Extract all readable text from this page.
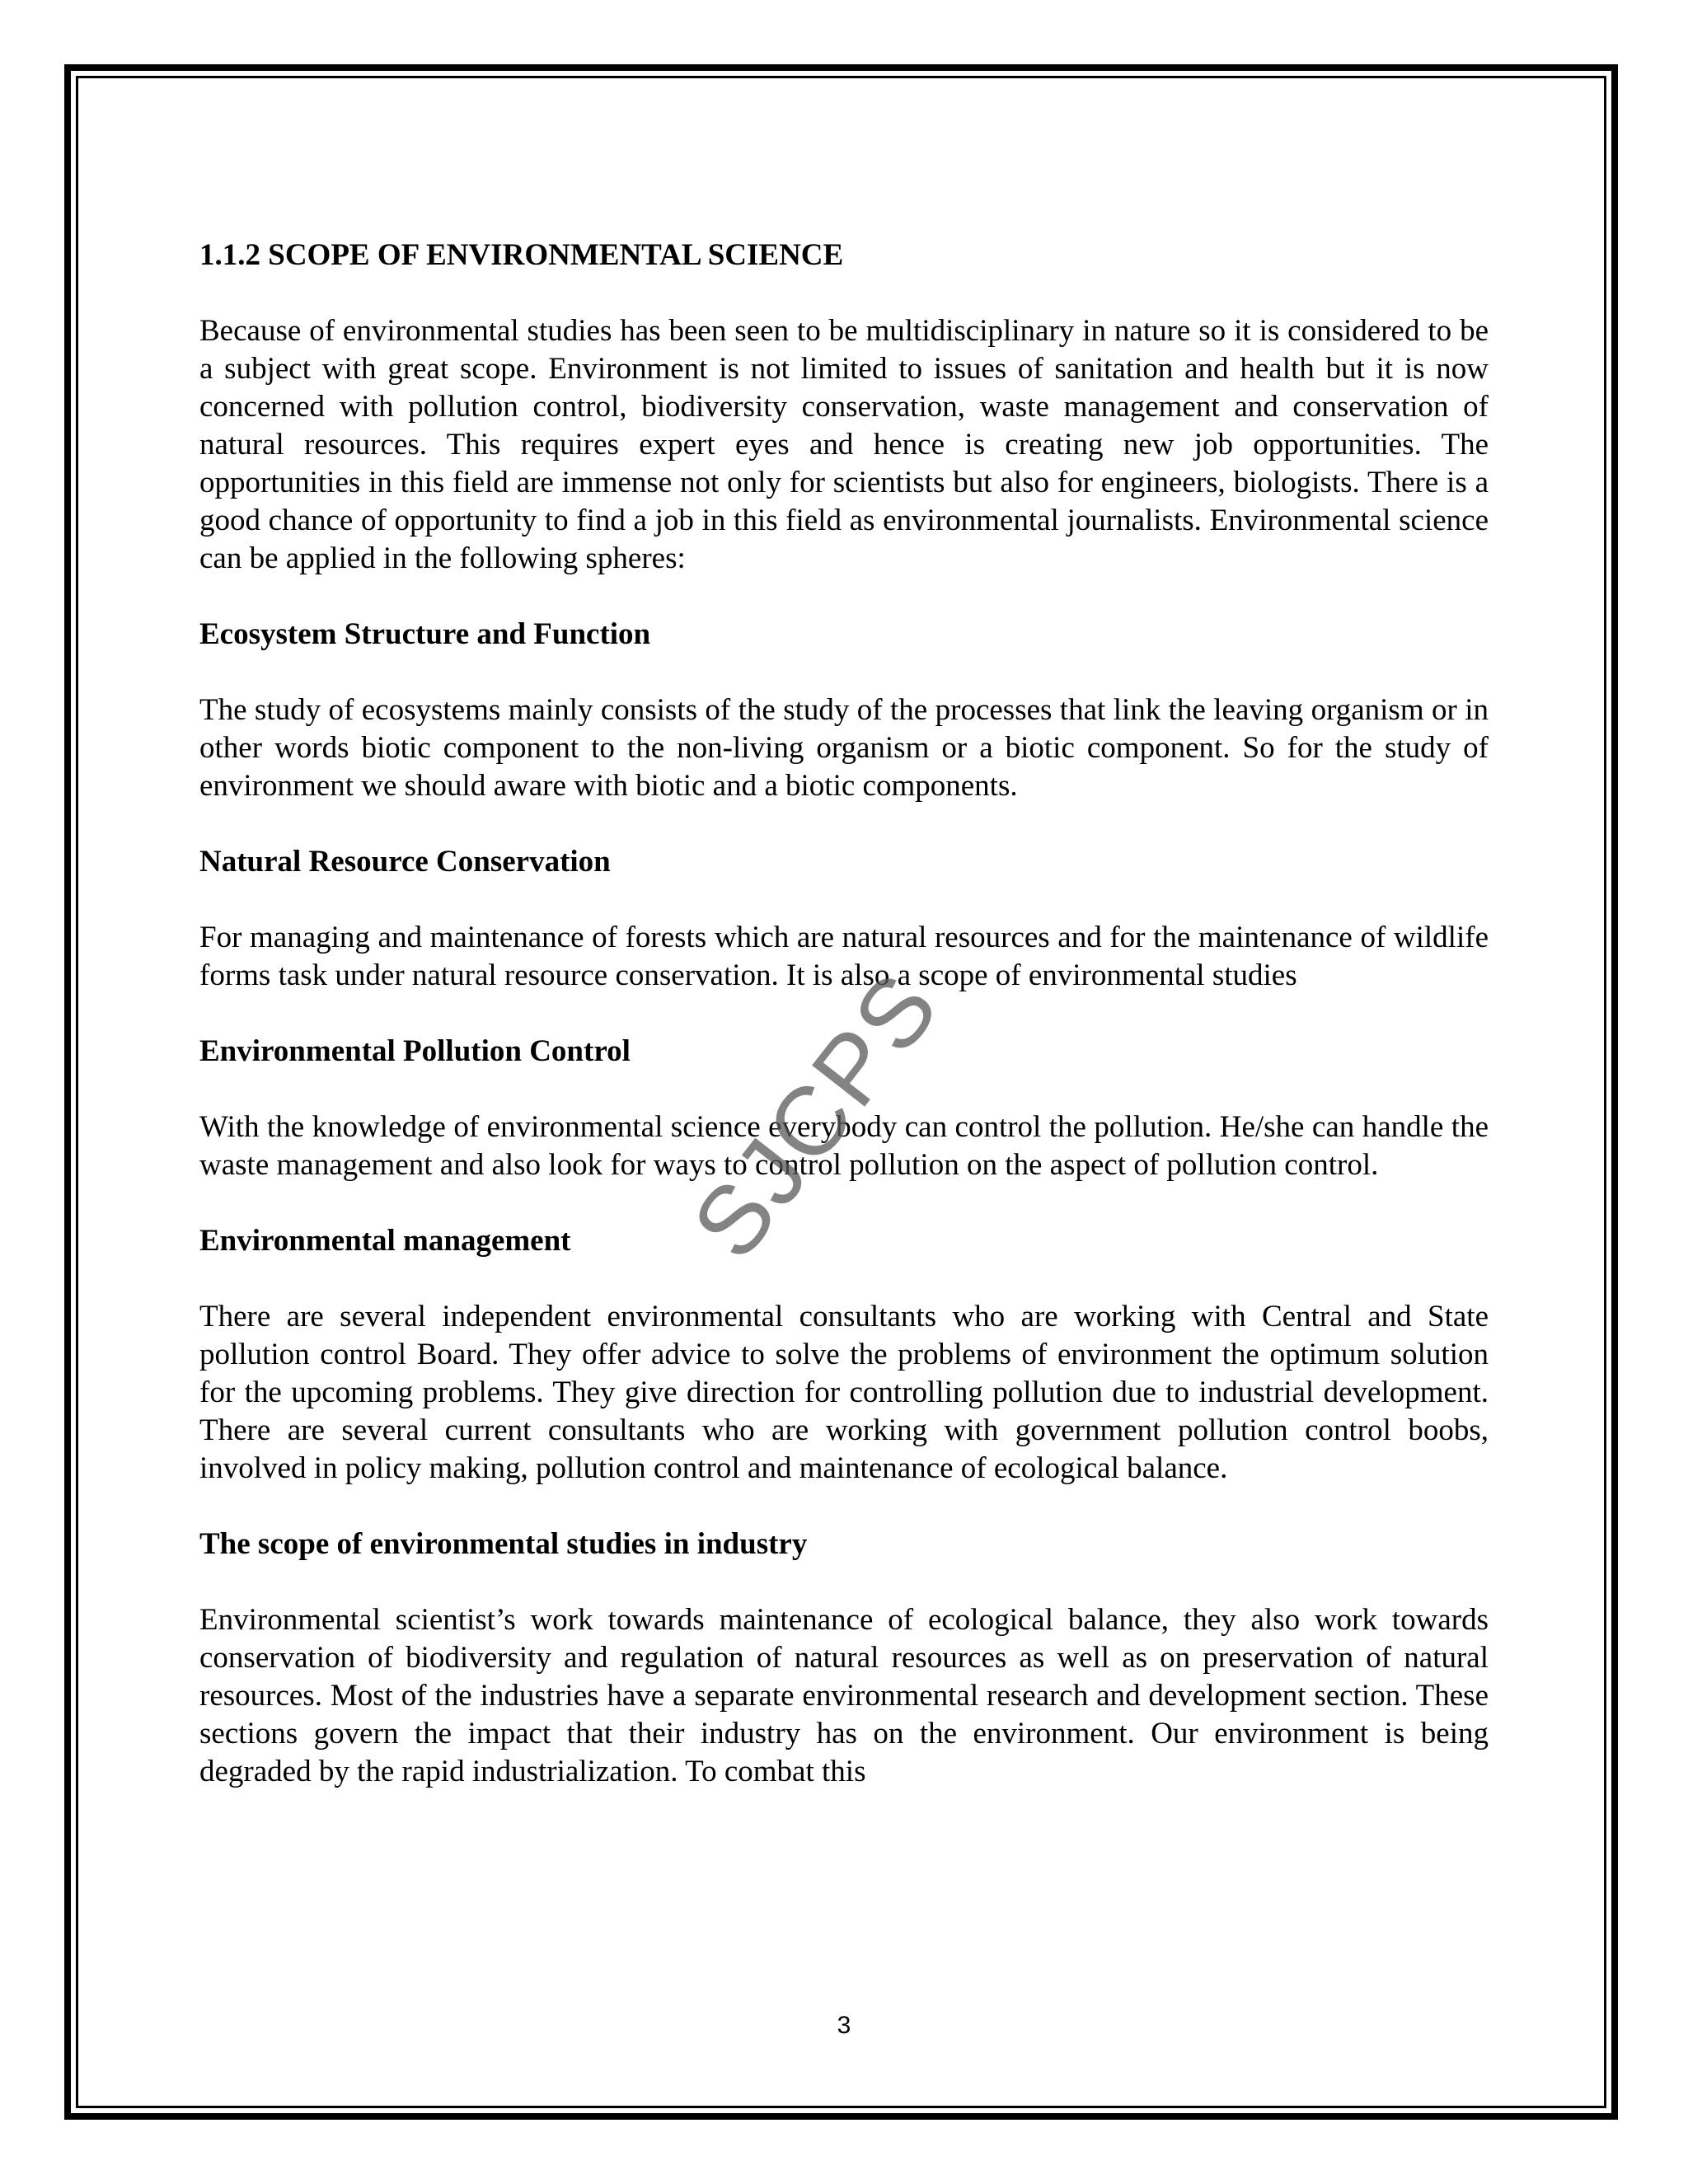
1.1.2 SCOPE OF ENVIRONMENTAL SCIENCE

Because of environmental studies has been seen to be multidisciplinary in nature so it is considered to be a subject with great scope. Environment is not limited to issues of sanitation and health but it is now concerned with pollution control, biodiversity conservation, waste management and conservation of natural resources. This requires expert eyes and hence is creating new job opportunities. The opportunities in this field are immense not only for scientists but also for engineers, biologists. There is a good chance of opportunity to find a job in this field as environmental journalists. Environmental science can be applied in the following spheres:

Ecosystem Structure and Function

The study of ecosystems mainly consists of the study of the processes that link the leaving organism or in other words biotic component to the non-living organism or a biotic component. So for the study of environment we should aware with biotic and a biotic components.

Natural Resource Conservation

For managing and maintenance of forests which are natural resources and for the maintenance of wildlife forms task under natural resource conservation. It is also a scope of environmental studies

Environmental Pollution Control

With the knowledge of environmental science everybody can control the pollution. He/she can handle the waste management and also look for ways to control pollution on the aspect of pollution control.

Environmental management

There are several independent environmental consultants who are working with Central and State pollution control Board. They offer advice to solve the problems of environment the optimum solution for the upcoming problems. They give direction for controlling pollution due to industrial development. There are several current consultants who are working with government pollution control boobs, involved in policy making, pollution control and maintenance of ecological balance.

The scope of environmental studies in industry

Environmental scientist’s work towards maintenance of ecological balance, they also work towards conservation of biodiversity and regulation of natural resources as well as on preservation of natural resources. Most of the industries have a separate environmental research and development section. These sections govern the impact that their industry has on the environment. Our environment is being degraded by the rapid industrialization. To combat this

SJCPS
3
